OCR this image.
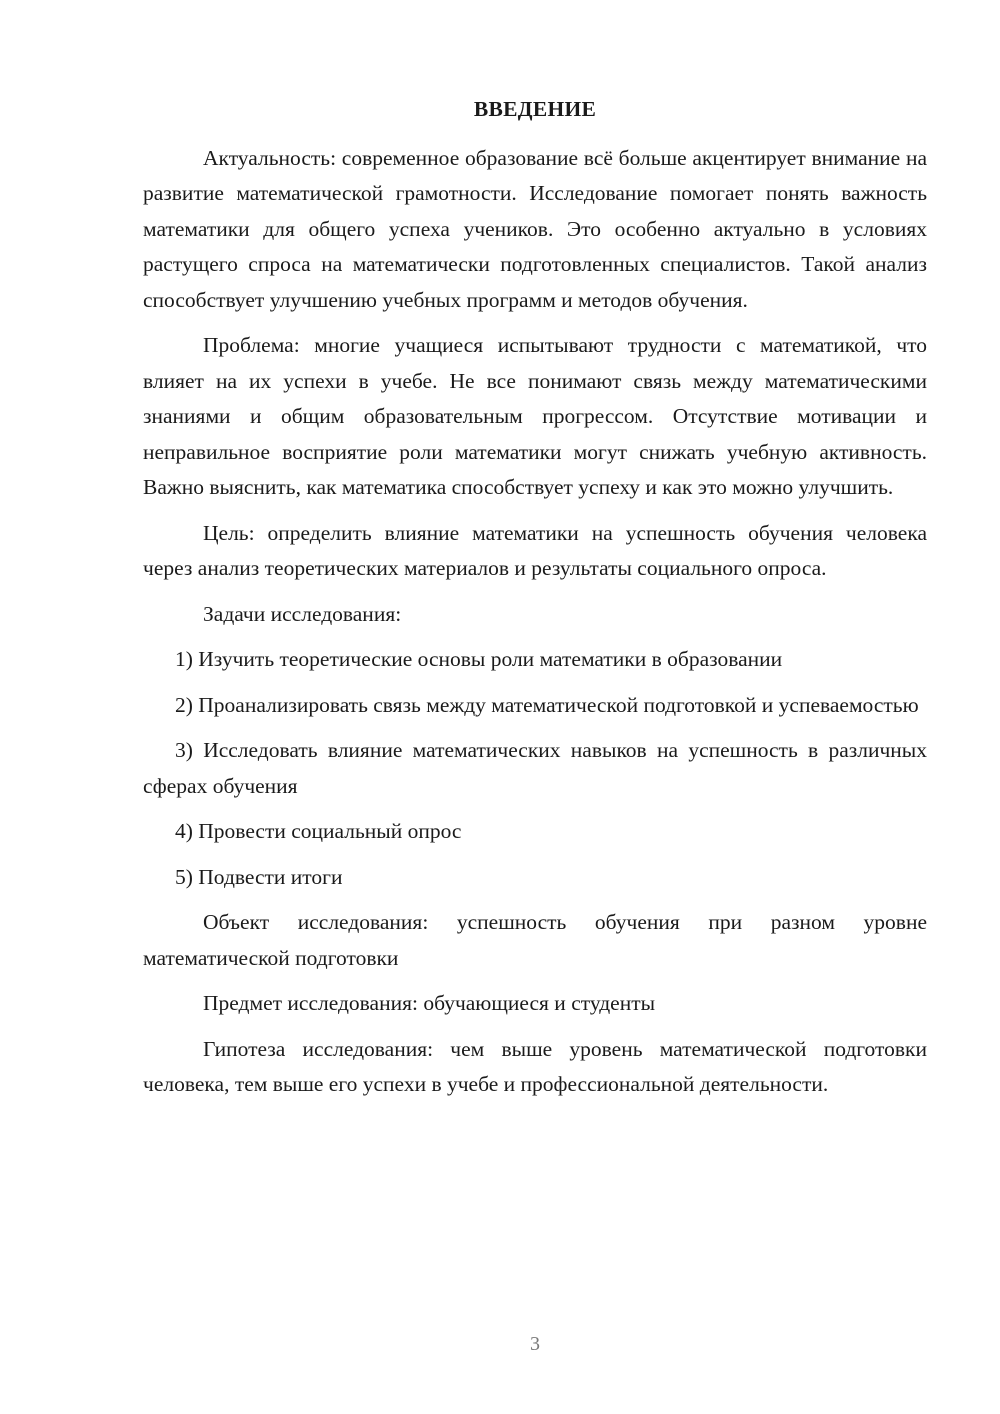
ВВЕДЕНИЕ

Актуальность: современное образование всё больше акцентирует внимание на развитие математической грамотности. Исследование помогает понять важность математики для общего успеха учеников. Это особенно актуально в условиях растущего спроса на математически подготовленных специалистов. Такой анализ способствует улучшению учебных программ и методов обучения.

Проблема: многие учащиеся испытывают трудности с математикой, что влияет на их успехи в учебе. Не все понимают связь между математическими знаниями и общим образовательным прогрессом. Отсутствие мотивации и неправильное восприятие роли математики могут снижать учебную активность. Важно выяснить, как математика способствует успеху и как это можно улучшить.

Цель: определить влияние математики на успешность обучения человека через анализ теоретических материалов и результаты социального опроса.

Задачи исследования:

1) Изучить теоретические основы роли математики в образовании

2) Проанализировать связь между математической подготовкой и успеваемостью

3) Исследовать влияние математических навыков на успешность в различных сферах обучения

4) Провести социальный опрос

5) Подвести итоги

Объект исследования: успешность обучения при разном уровне математической подготовки

Предмет исследования: обучающиеся и студенты

Гипотеза исследования: чем выше уровень математической подготовки человека, тем выше его успехи в учебе и профессиональной деятельности.

3
